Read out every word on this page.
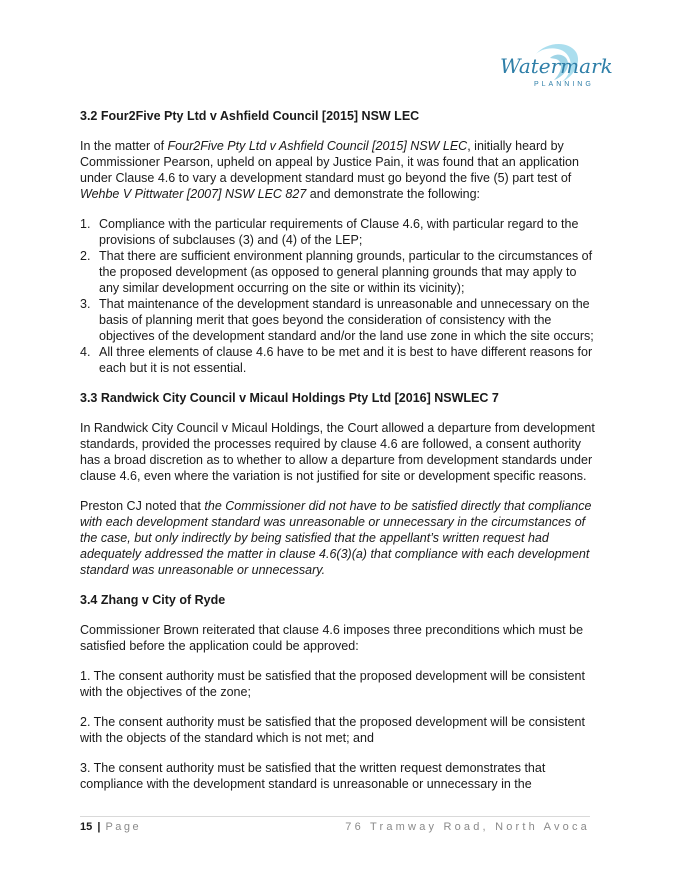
Watermark
PLANNING
3.2 Four2Five Pty Ltd v Ashfield Council [2015] NSW LEC

In the matter of Four2Five Pty Ltd v Ashfield Council [2015] NSW LEC, initially heard by Commissioner Pearson, upheld on appeal by Justice Pain, it was found that an application under Clause 4.6 to vary a development standard must go beyond the five (5) part test of Wehbe V Pittwater [2007] NSW LEC 827 and demonstrate the following:

1. Compliance with the particular requirements of Clause 4.6, with particular regard to the provisions of subclauses (3) and (4) of the LEP;
2. That there are sufficient environment planning grounds, particular to the circumstances of the proposed development (as opposed to general planning grounds that may apply to any similar development occurring on the site or within its vicinity);
3. That maintenance of the development standard is unreasonable and unnecessary on the basis of planning merit that goes beyond the consideration of consistency with the objectives of the development standard and/or the land use zone in which the site occurs;
4. All three elements of clause 4.6 have to be met and it is best to have different reasons for each but it is not essential.
3.3 Randwick City Council v Micaul Holdings Pty Ltd [2016] NSWLEC 7

In Randwick City Council v Micaul Holdings, the Court allowed a departure from development standards, provided the processes required by clause 4.6 are followed, a consent authority has a broad discretion as to whether to allow a departure from development standards under clause 4.6, even where the variation is not justified for site or development specific reasons.

Preston CJ noted that the Commissioner did not have to be satisfied directly that compliance with each development standard was unreasonable or unnecessary in the circumstances of the case, but only indirectly by being satisfied that the appellant’s written request had adequately addressed the matter in clause 4.6(3)(a) that compliance with each development standard was unreasonable or unnecessary.

3.4 Zhang v City of Ryde

Commissioner Brown reiterated that clause 4.6 imposes three preconditions which must be satisfied before the application could be approved:

1. The consent authority must be satisfied that the proposed development will be consistent with the objectives of the zone;

2. The consent authority must be satisfied that the proposed development will be consistent with the objects of the standard which is not met; and

3. The consent authority must be satisfied that the written request demonstrates that compliance with the development standard is unreasonable or unnecessary in the

15 | Page	76 Tramway Road, North Avoca
